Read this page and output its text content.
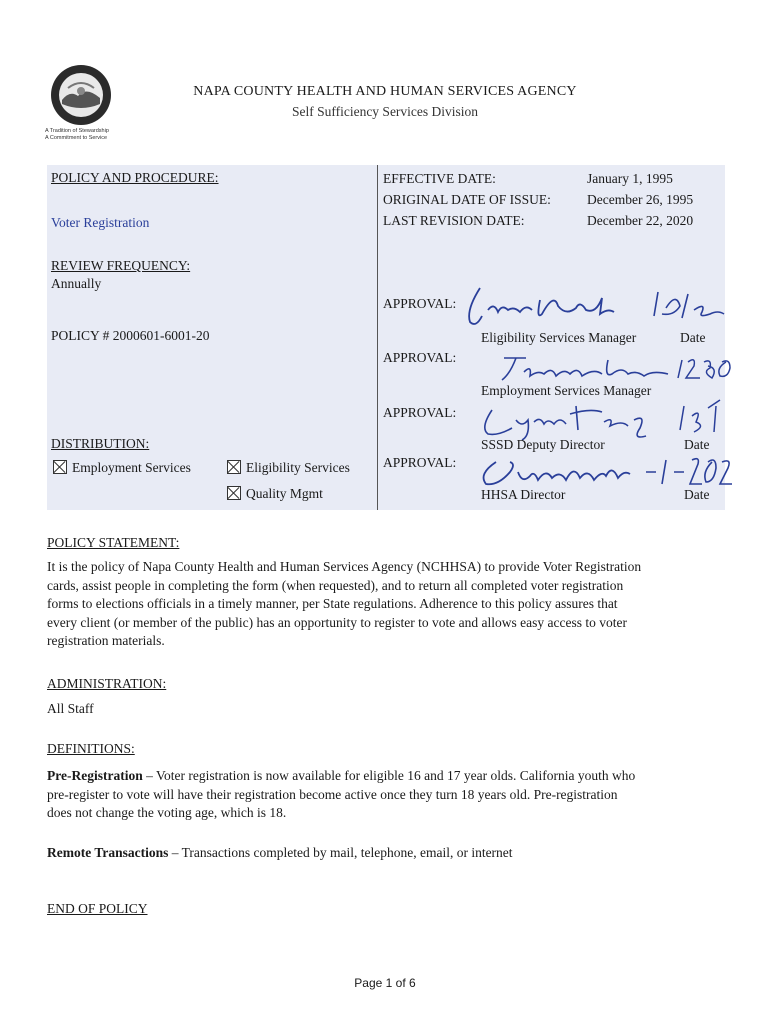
A Tradition of Stewardship
A Commitment to Service
NAPA COUNTY HEALTH AND HUMAN SERVICES AGENCY
Self Sufficiency Services Division
POLICY AND PROCEDURE:
Voter Registration
REVIEW FREQUENCY:
Annually
POLICY # 2000601-6001-20
DISTRIBUTION:
Employment Services	Eligibility Services
Quality Mgmt
EFFECTIVE DATE:	January 1, 1995
ORIGINAL DATE OF ISSUE:	December 26, 1995
LAST REVISION DATE:	December 22, 2020
APPROVAL:
Eligibility Services Manager	Date
APPROVAL:
Employment Services Manager
APPROVAL:
SSSD Deputy Director	Date
APPROVAL:
HHSA Director	Date
POLICY STATEMENT:
It is the policy of Napa County Health and Human Services Agency (NCHHSA) to provide Voter Registration
cards, assist people in completing the form (when requested), and to return all completed voter registration
forms to elections officials in a timely manner, per State regulations. Adherence to this policy assures that
every client (or member of the public) has an opportunity to register to vote and allows easy access to voter
registration materials.
ADMINISTRATION:
All Staff
DEFINITIONS:
Pre-Registration – Voter registration is now available for eligible 16 and 17 year olds. California youth who
pre-register to vote will have their registration become active once they turn 18 years old. Pre-registration
does not change the voting age, which is 18.
Remote Transactions – Transactions completed by mail, telephone, email, or internet
END OF POLICY
Page 1 of 6
